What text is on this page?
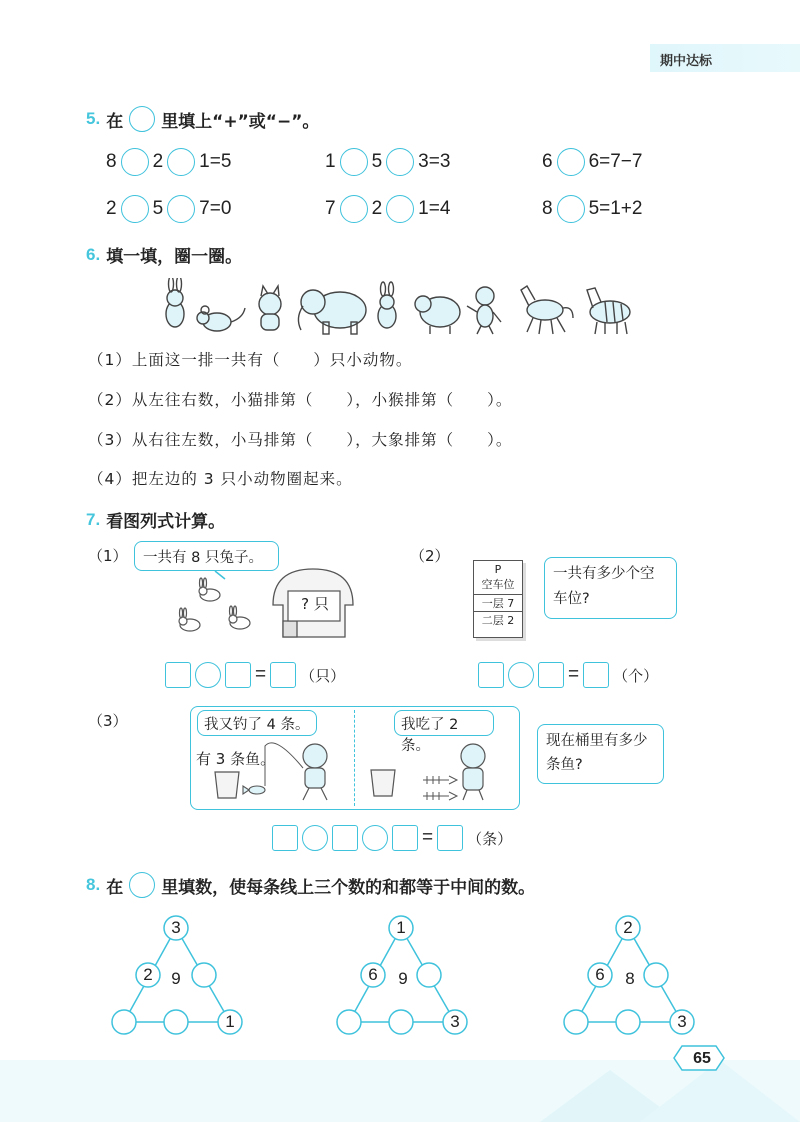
期中达标
5. 在 里填上“+”或“−”。
8 2 1=5	1 5 3=3	6 6=7−7
2 5 7=0	7 2 1=4	8 5=1+2
6. 填一填，圈一圈。
（1）上面这一排一共有（　　）只小动物。
（2）从左往右数，小猫排第（　　），小猴排第（　　）。
（3）从右往左数，小马排第（　　），大象排第（　　）。
（4）把左边的 3 只小动物圈起来。
7. 看图列式计算。
（1）	一共有 8 只兔子。
? 只
= （只）
（2）
P
空车位
一层 7
二层 2
一共有多少个空车位?
= （个）
（3）	我又钓了 4 条。
有 3 条鱼。
我吃了 2 条。	现在桶里有多少条鱼?
= （条）
8. 在 里填数，使每条线上三个数的和都等于中间的数。
3
2	9
1
1
6	9
3
2
6	8
3
65
